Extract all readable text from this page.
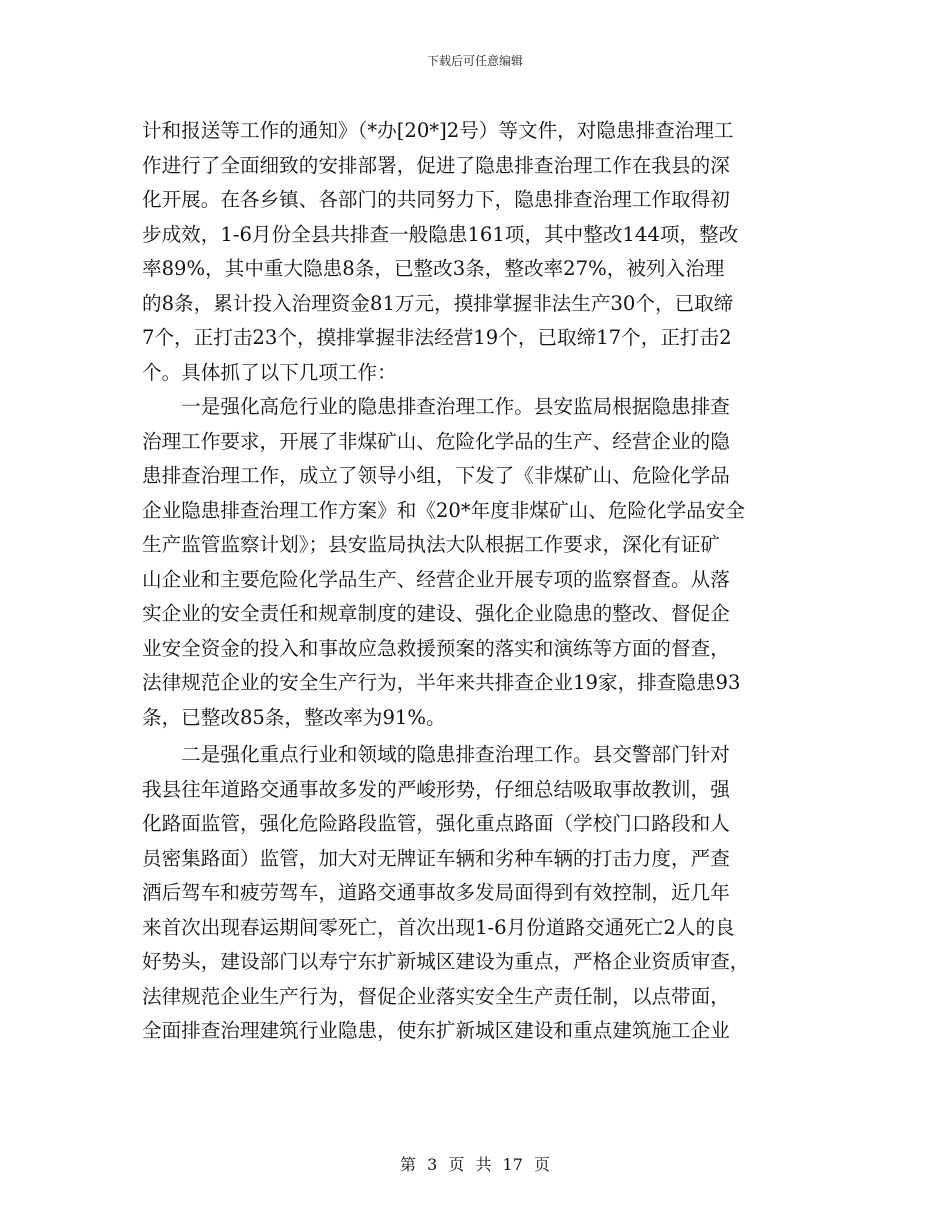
下载后可任意编辑
计和报送等工作的通知》（*办[20*]2号）等文件，对隐患排查治理工
作进行了全面细致的安排部署，促进了隐患排查治理工作在我县的深
化开展。在各乡镇、各部门的共同努力下，隐患排查治理工作取得初
步成效，1-6月份全县共排查一般隐患161项，其中整改144项，整改
率89%，其中重大隐患8条，已整改3条，整改率27%，被列入治理
的8条，累计投入治理资金81万元，摸排掌握非法生产30个，已取缔
7个，正打击23个，摸排掌握非法经营19个，已取缔17个，正打击2
个。具体抓了以下几项工作：
　　一是强化高危行业的隐患排查治理工作。县安监局根据隐患排查
治理工作要求，开展了非煤矿山、危险化学品的生产、经营企业的隐
患排查治理工作，成立了领导小组，下发了《非煤矿山、危险化学品
企业隐患排查治理工作方案》和《20*年度非煤矿山、危险化学品安全
生产监管监察计划》；县安监局执法大队根据工作要求，深化有证矿
山企业和主要危险化学品生产、经营企业开展专项的监察督查。从落
实企业的安全责任和规章制度的建设、强化企业隐患的整改、督促企
业安全资金的投入和事故应急救援预案的落实和演练等方面的督查，
法律规范企业的安全生产行为，半年来共排查企业19家，排查隐患93
条，已整改85条，整改率为91%。
　　二是强化重点行业和领域的隐患排查治理工作。县交警部门针对
我县往年道路交通事故多发的严峻形势，仔细总结吸取事故教训，强
化路面监管，强化危险路段监管，强化重点路面（学校门口路段和人
员密集路面）监管，加大对无牌证车辆和劣种车辆的打击力度，严查
酒后驾车和疲劳驾车，道路交通事故多发局面得到有效控制，近几年
来首次出现春运期间零死亡，首次出现1-6月份道路交通死亡2人的良
好势头，建设部门以寿宁东扩新城区建设为重点，严格企业资质审查，
法律规范企业生产行为，督促企业落实安全生产责任制，以点带面，
全面排查治理建筑行业隐患，使东扩新城区建设和重点建筑施工企业
第 3 页 共 17 页
